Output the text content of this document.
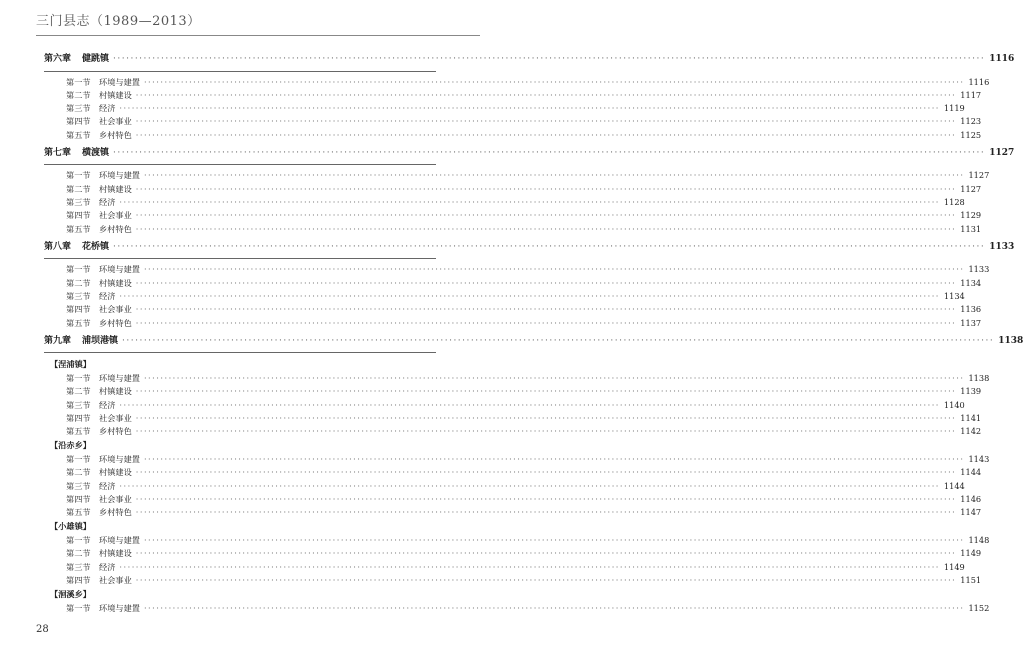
三门县志（1989—2013）
第六章 健跳镇 ········································································································································································································ 1116
第一节 环境与建置 ········································································································································································································ 1116
第二节 村镇建设 ········································································································································································································ 1117
第三节 经济 ········································································································································································································ 1119
第四节 社会事业 ········································································································································································································ 1123
第五节 乡村特色 ········································································································································································································ 1125
第七章 横渡镇 ········································································································································································································ 1127
第一节 环境与建置 ········································································································································································································ 1127
第二节 村镇建设 ········································································································································································································ 1127
第三节 经济 ········································································································································································································ 1128
第四节 社会事业 ········································································································································································································ 1129
第五节 乡村特色 ········································································································································································································ 1131
第八章 花桥镇 ········································································································································································································ 1133
第一节 环境与建置 ········································································································································································································ 1133
第二节 村镇建设 ········································································································································································································ 1134
第三节 经济 ········································································································································································································ 1134
第四节 社会事业 ········································································································································································································ 1136
第五节 乡村特色 ········································································································································································································ 1137
第九章 浦坝港镇 ········································································································································································································ 1138
【涅浦镇】
第一节 环境与建置 ········································································································································································································ 1138
第二节 村镇建设 ········································································································································································································ 1139
第三节 经济 ········································································································································································································ 1140
第四节 社会事业 ········································································································································································································ 1141
第五节 乡村特色 ········································································································································································································ 1142
【沿赤乡】
第一节 环境与建置 ········································································································································································································ 1143
第二节 村镇建设 ········································································································································································································ 1144
第三节 经济 ········································································································································································································ 1144
第四节 社会事业 ········································································································································································································ 1146
第五节 乡村特色 ········································································································································································································ 1147
【小雄镇】
第一节 环境与建置 ········································································································································································································ 1148
第二节 村镇建设 ········································································································································································································ 1149
第三节 经济 ········································································································································································································ 1149
第四节 社会事业 ········································································································································································································ 1151
【洄溪乡】
第一节 环境与建置 ········································································································································································································ 1152
28
